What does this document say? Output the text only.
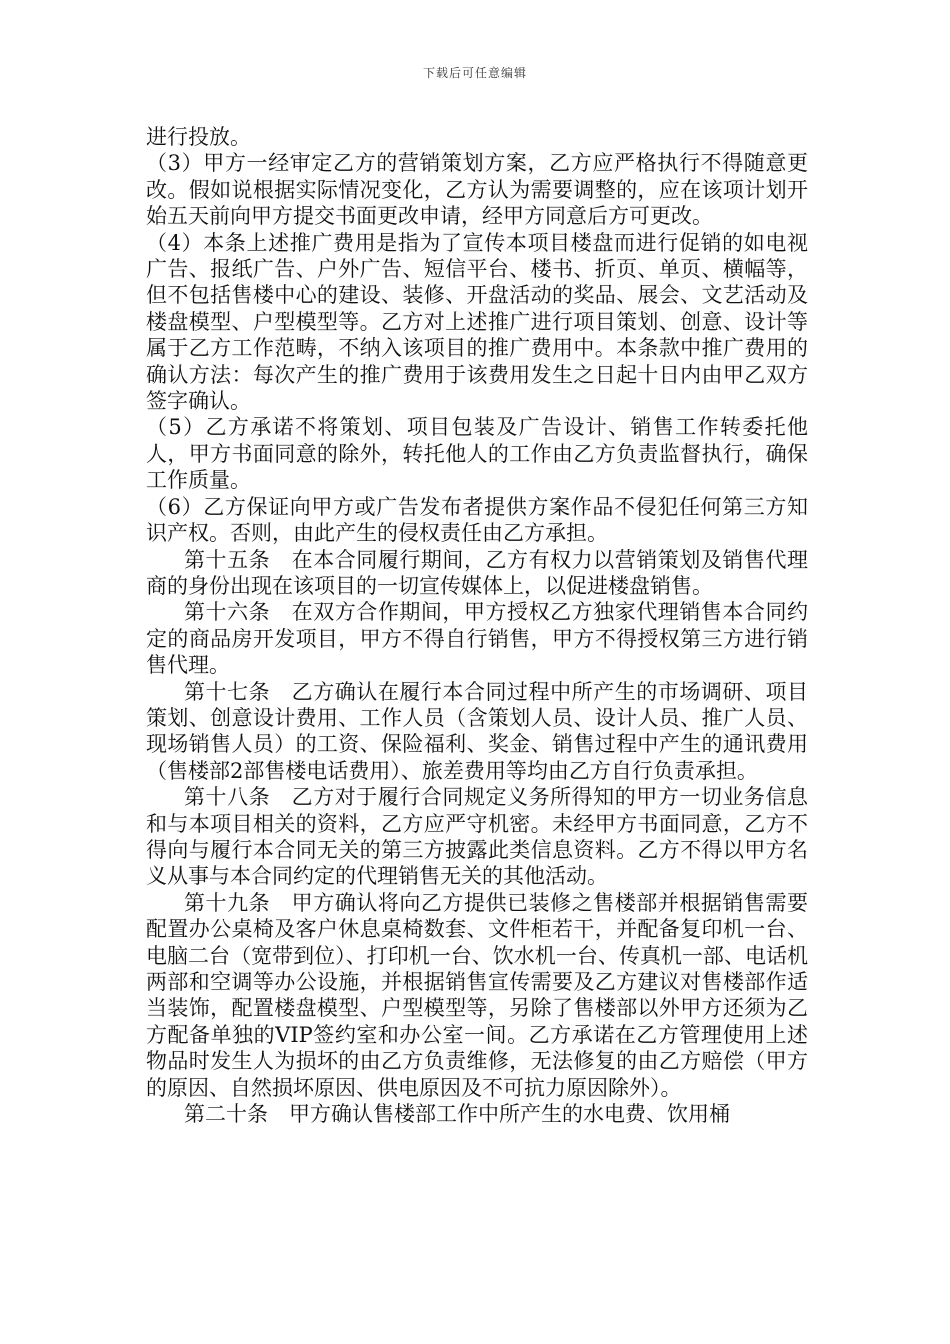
下载后可任意编辑

进行投放。

（3）甲方一经审定乙方的营销策划方案，乙方应严格执行不得随意更改。假如说根据实际情况变化，乙方认为需要调整的，应在该项计划开始五天前向甲方提交书面更改申请，经甲方同意后方可更改。

（4）本条上述推广费用是指为了宣传本项目楼盘而进行促销的如电视广告、报纸广告、户外广告、短信平台、楼书、折页、单页、横幅等，但不包括售楼中心的建设、装修、开盘活动的奖品、展会、文艺活动及楼盘模型、户型模型等。乙方对上述推广进行项目策划、创意、设计等属于乙方工作范畴，不纳入该项目的推广费用中。本条款中推广费用的确认方法：每次产生的推广费用于该费用发生之日起十日内由甲乙双方签字确认。

（5）乙方承诺不将策划、项目包装及广告设计、销售工作转委托他人，甲方书面同意的除外，转托他人的工作由乙方负责监督执行，确保工作质量。

（6）乙方保证向甲方或广告发布者提供方案作品不侵犯任何第三方知识产权。否则，由此产生的侵权责任由乙方承担。

第十五条　在本合同履行期间，乙方有权力以营销策划及销售代理商的身份出现在该项目的一切宣传媒体上，以促进楼盘销售。

第十六条　在双方合作期间，甲方授权乙方独家代理销售本合同约定的商品房开发项目，甲方不得自行销售，甲方不得授权第三方进行销售代理。

第十七条　乙方确认在履行本合同过程中所产生的市场调研、项目策划、创意设计费用、工作人员（含策划人员、设计人员、推广人员、现场销售人员）的工资、保险福利、奖金、销售过程中产生的通讯费用（售楼部2部售楼电话费用）、旅差费用等均由乙方自行负责承担。

第十八条　乙方对于履行合同规定义务所得知的甲方一切业务信息和与本项目相关的资料，乙方应严守机密。未经甲方书面同意，乙方不得向与履行本合同无关的第三方披露此类信息资料。乙方不得以甲方名义从事与本合同约定的代理销售无关的其他活动。

第十九条　甲方确认将向乙方提供已装修之售楼部并根据销售需要配置办公桌椅及客户休息桌椅数套、文件柜若干，并配备复印机一台、电脑二台（宽带到位）、打印机一台、饮水机一台、传真机一部、电话机两部和空调等办公设施，并根据销售宣传需要及乙方建议对售楼部作适当装饰，配置楼盘模型、户型模型等，另除了售楼部以外甲方还须为乙方配备单独的VIP签约室和办公室一间。乙方承诺在乙方管理使用上述物品时发生人为损坏的由乙方负责维修，无法修复的由乙方赔偿（甲方的原因、自然损坏原因、供电原因及不可抗力原因除外）。

第二十条　甲方确认售楼部工作中所产生的水电费、饮用桶
